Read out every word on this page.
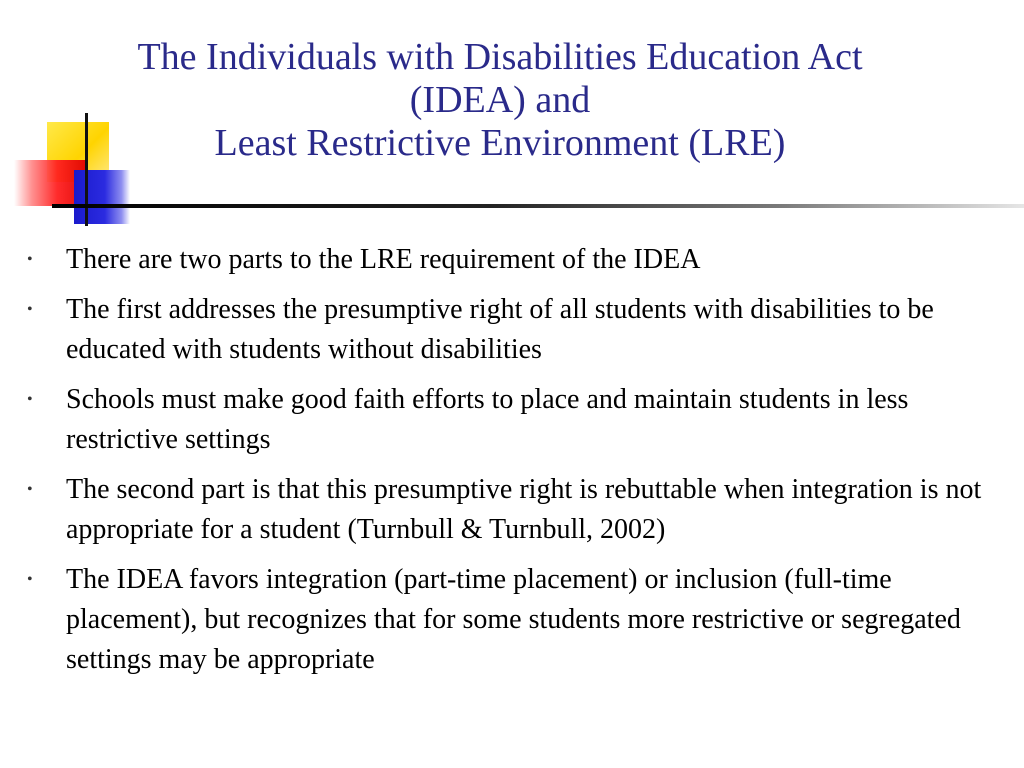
The Individuals with Disabilities Education Act
(IDEA) and
Least Restrictive Environment (LRE)
• There are two parts to the LRE requirement of the IDEA
• The first addresses the presumptive right of all students with disabilities to be educated with students without disabilities
• Schools must make good faith efforts to place and maintain students in less restrictive settings
• The second part is that this presumptive right is rebuttable when integration is not appropriate for a student (Turnbull & Turnbull, 2002)
• The IDEA favors integration (part-time placement) or inclusion (full-time placement), but recognizes that for some students more restrictive or segregated settings may be appropriate
